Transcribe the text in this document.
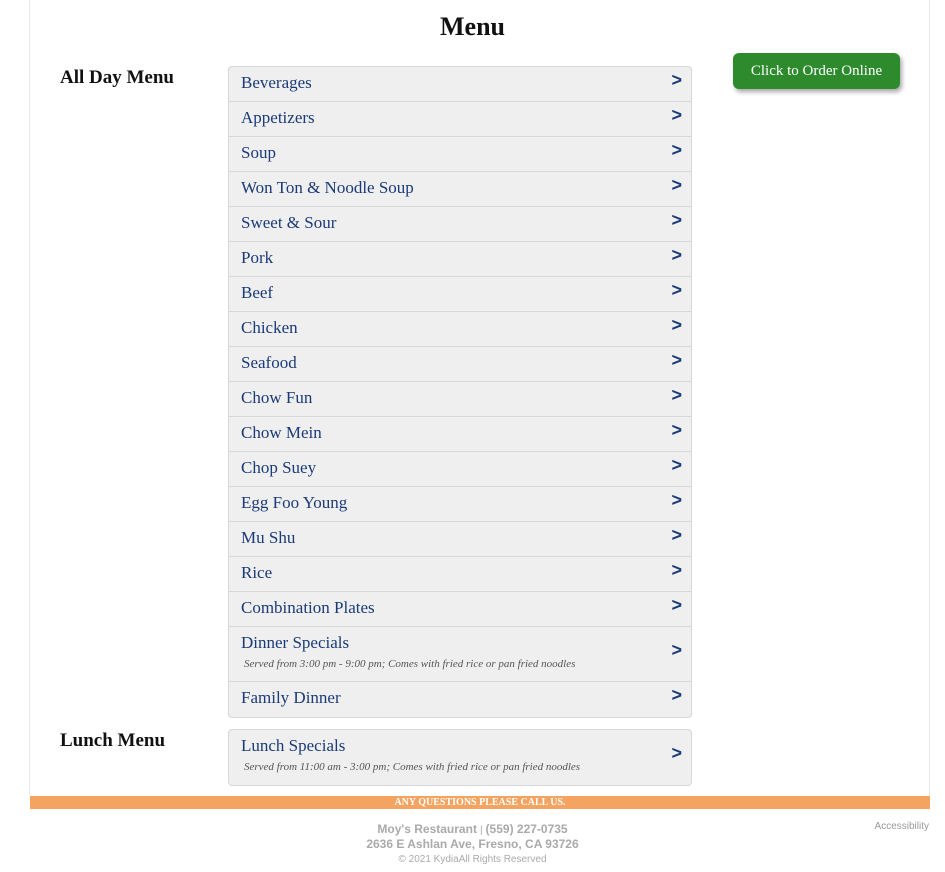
Menu
All Day Menu	Beverages	>
Appetizers	>
Soup	>
Won Ton & Noodle Soup	>
Sweet & Sour	>
Pork	>
Beef	>
Chicken	>
Seafood	>
Chow Fun	>
Chow Mein	>
Chop Suey	>
Egg Foo Young	>
Mu Shu	>
Rice	>
Combination Plates	>
Dinner Specials
Served from 3:00 pm - 9:00 pm; Comes with fried rice or pan fried noodles
>
Family Dinner	>
Click to Order Online
Lunch Menu	Lunch Specials
Served from 11:00 am - 3:00 pm; Comes with fried rice or pan fried noodles
>
ANY QUESTIONS PLEASE CALL US.
Moy's Restaurant | (559) 227-0735
2636 E Ashlan Ave, Fresno, CA 93726
© 2021 KydiaAll Rights Reserved
Accessibility
